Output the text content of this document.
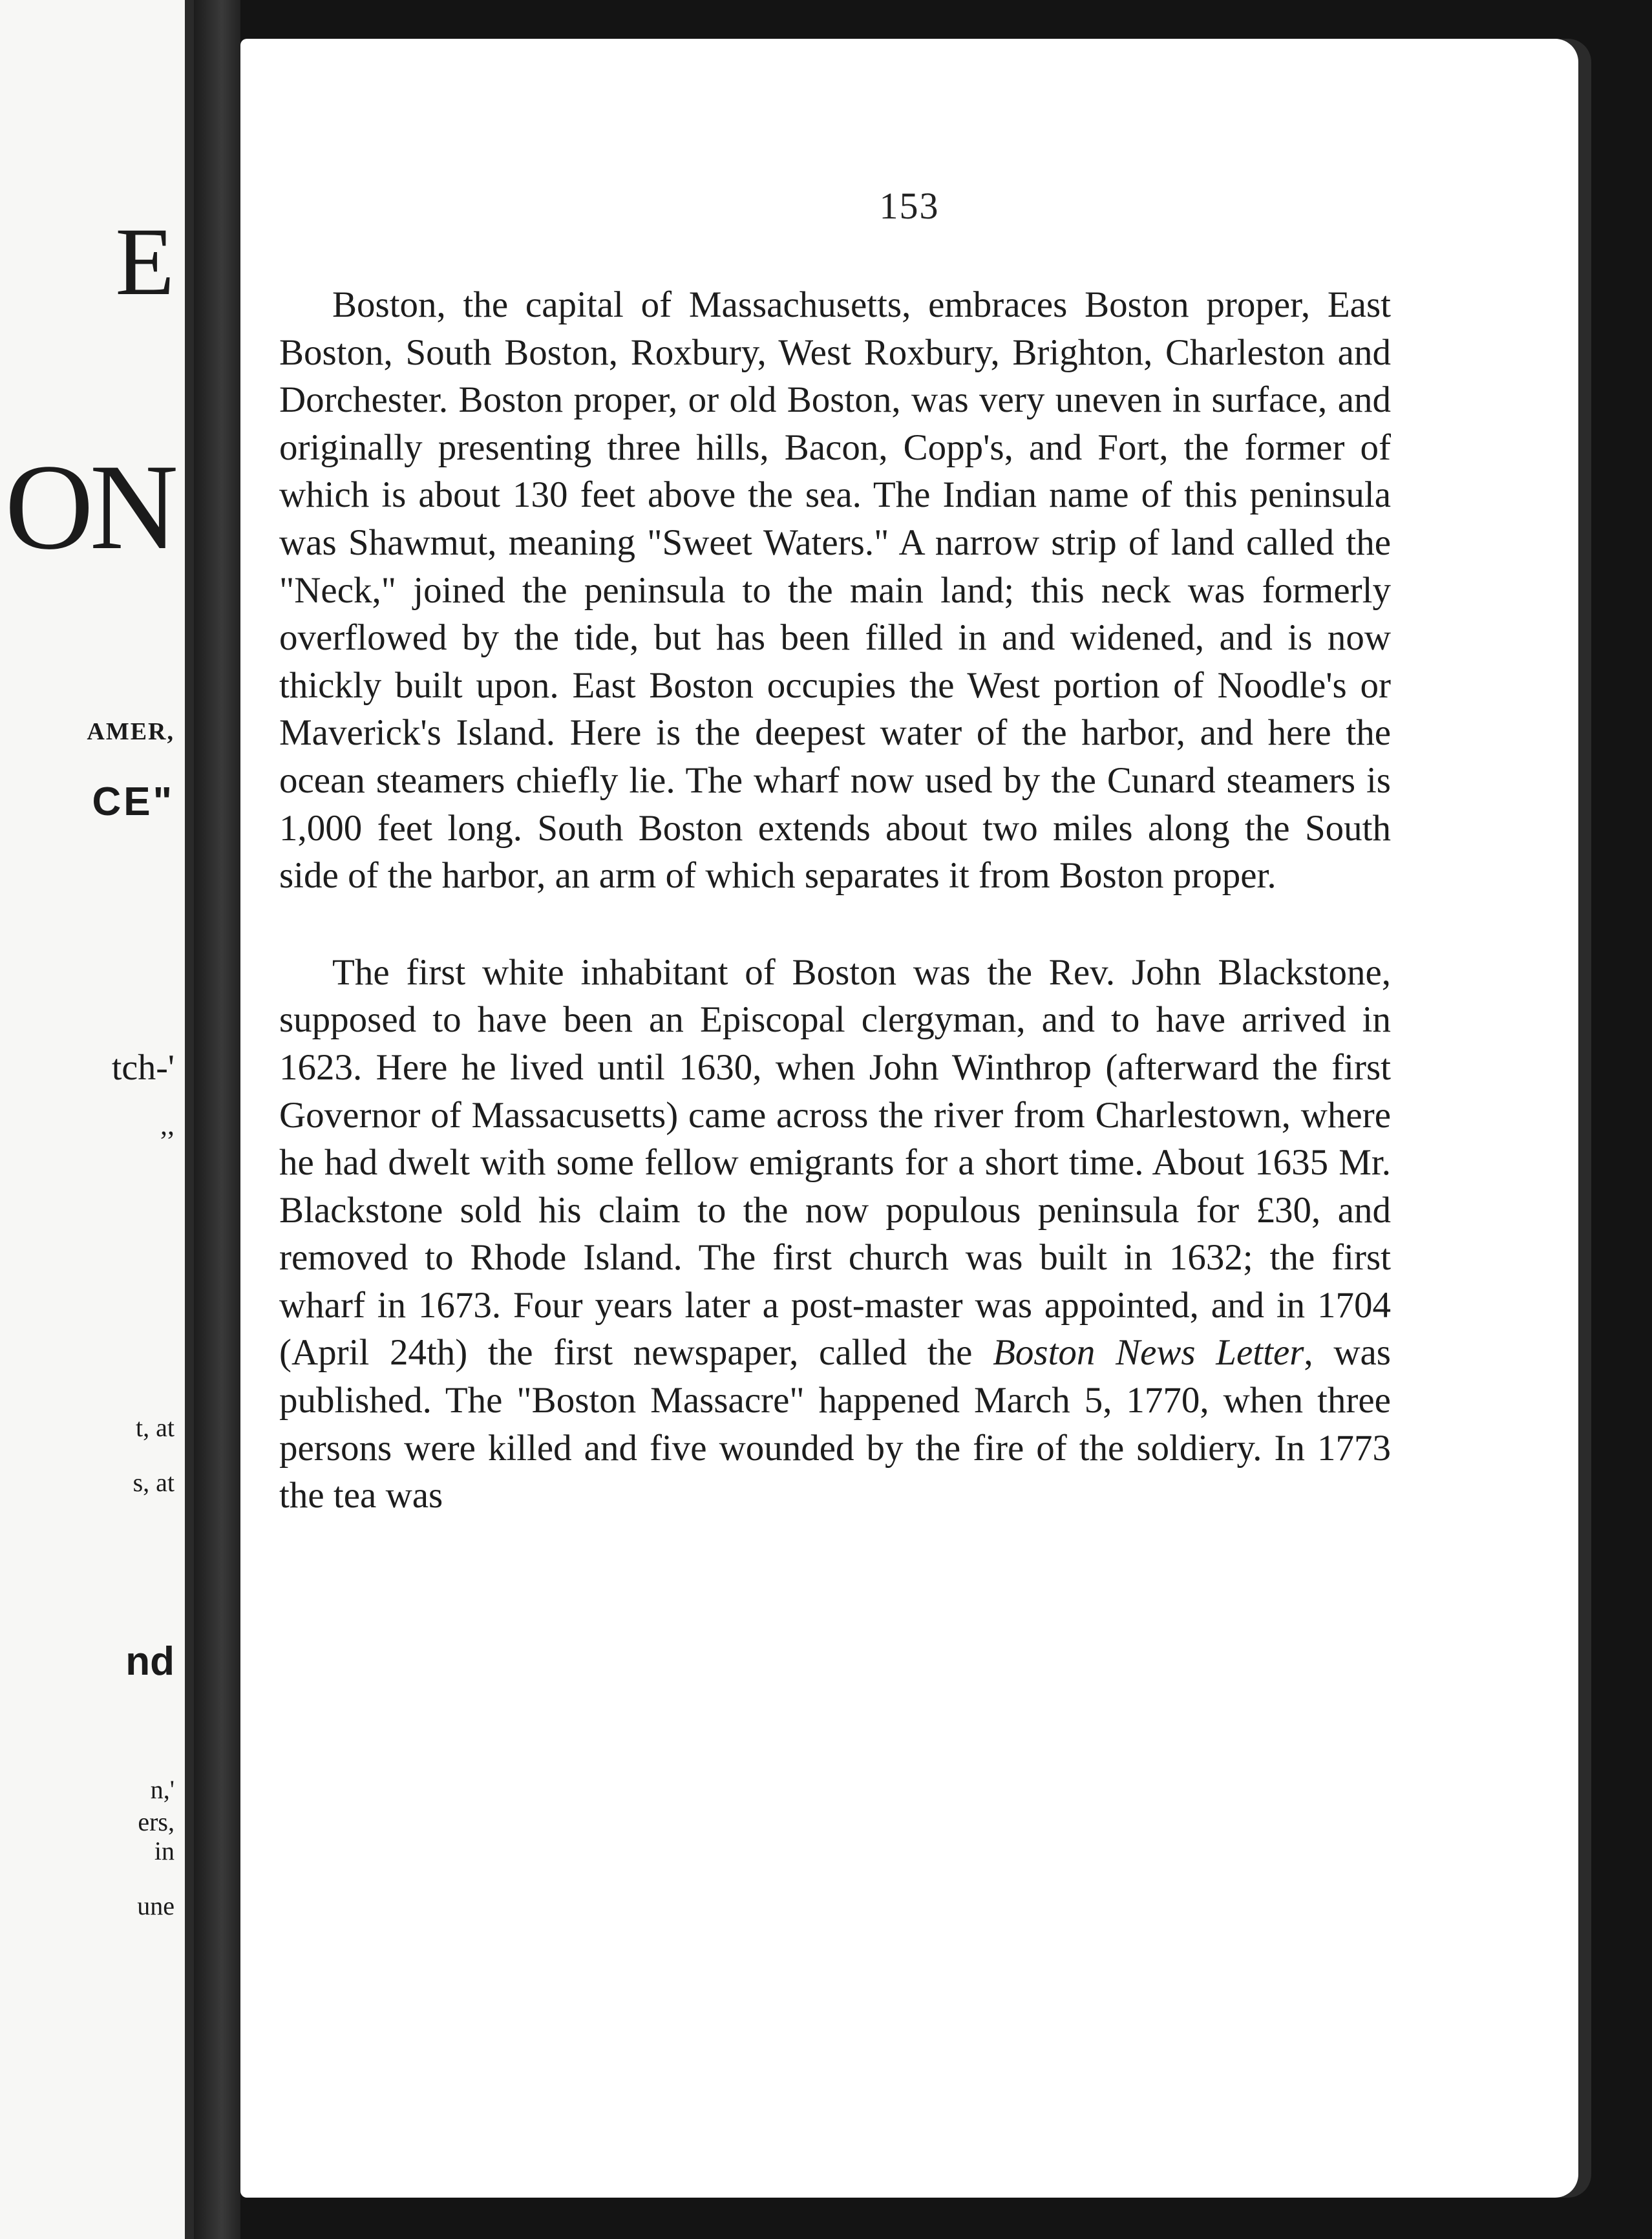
E
ON
AMER,
CE"
tch-'
,,
t, at
s, at
nd
n,'
ers,
in
une
153

Boston, the capital of Massachusetts, embraces Boston proper, East Boston, South Boston, Roxbury, West Roxbury, Brighton, Charleston and Dorchester. Boston proper, or old Boston, was very uneven in surface, and originally presenting three hills, Bacon, Copp's, and Fort, the former of which is about 130 feet above the sea. The Indian name of this peninsula was Shawmut, meaning "Sweet Waters." A narrow strip of land called the "Neck," joined the peninsula to the main land; this neck was formerly overflowed by the tide, but has been filled in and widened, and is now thickly built upon. East Boston occupies the West portion of Noodle's or Maverick's Island. Here is the deepest water of the harbor, and here the ocean steamers chiefly lie. The wharf now used by the Cunard steamers is 1,000 feet long. South Boston extends about two miles along the South side of the harbor, an arm of which separates it from Boston proper.

The first white inhabitant of Boston was the Rev. John Blackstone, supposed to have been an Episcopal clergyman, and to have arrived in 1623. Here he lived until 1630, when John Winthrop (afterward the first Governor of Massacusetts) came across the river from Charlestown, where he had dwelt with some fellow emigrants for a short time. About 1635 Mr. Blackstone sold his claim to the now populous peninsula for £30, and removed to Rhode Island. The first church was built in 1632; the first wharf in 1673. Four years later a post-master was appointed, and in 1704 (April 24th) the first newspaper, called the Boston News Letter, was published. The "Boston Massacre" happened March 5, 1770, when three persons were killed and five wounded by the fire of the soldiery. In 1773 the tea was
